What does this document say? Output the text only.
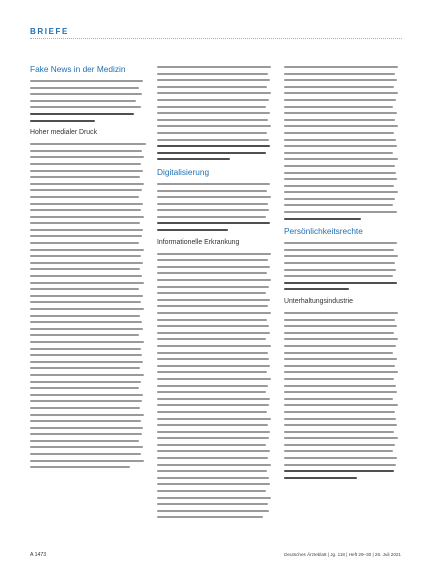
BRIEFE
Fake News in der Medizin
Hoher medialer Druck
Digitalisierung
Informationelle Erkrankung
Persönlichkeitsrechte
Unterhaltungsindustrie
A 1473	Deutsches Ärzteblatt | Jg. 118 | Heft 29–30 | 26. Juli 2021
